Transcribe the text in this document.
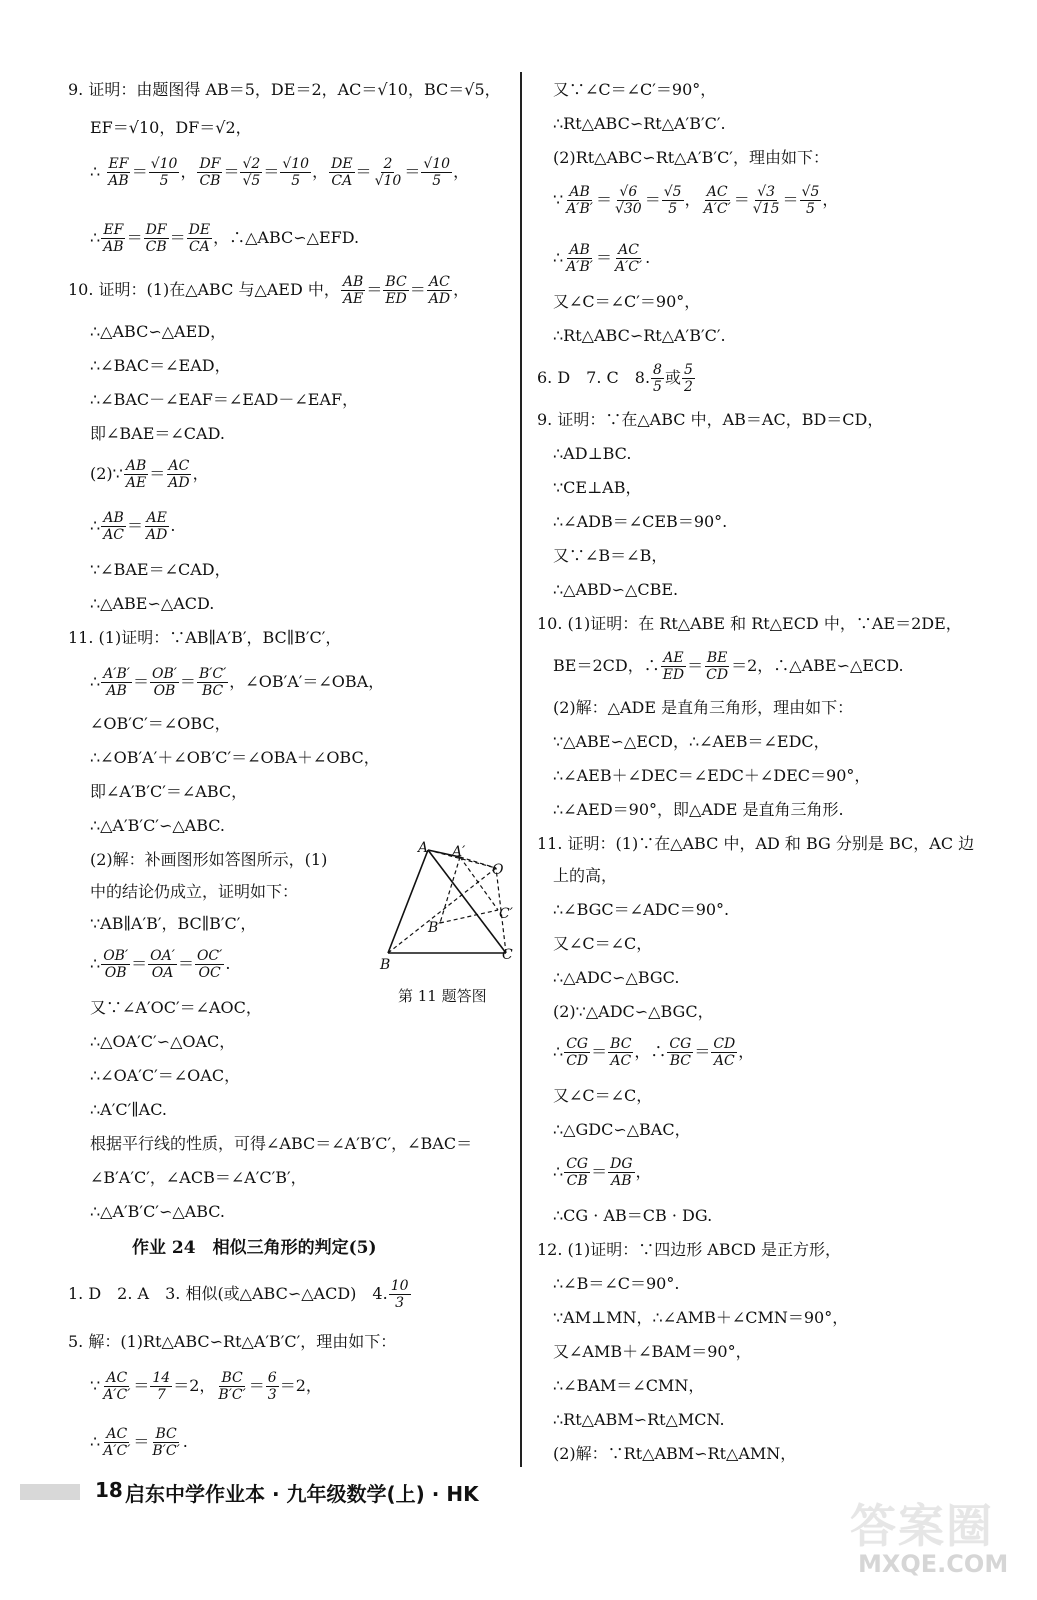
9. 证明：由题图得 AB＝5，DE＝2，AC＝√10，BC＝√5，
EF＝√10，DF＝√2，
∴ $\frac{EF}{AB} = \frac{√10}{5}$ ， $\frac{DF}{CB} = \frac{√2}{√5} = \frac{√10}{5}$ ， $\frac{DE}{CA} = \frac{2}{√10} = \frac{√10}{5}$ ，
∴ $\frac{EF}{AB} = \frac{DF}{CB} = \frac{DE}{CA}$ ，∴△ABC∽△EFD.
10. 证明：(1)在△ABC 与△AED 中， $\frac{AB}{AE} = \frac{BC}{ED} = \frac{AC}{AD}$ ，
∴△ABC∽△AED，
∴∠BAC＝∠EAD，
∴∠BAC－∠EAF＝∠EAD－∠EAF，
即∠BAE＝∠CAD.
(2)∵ $\frac{AB}{AE} = \frac{AC}{AD}$ ，
∴ $\frac{AB}{AC} = \frac{AE}{AD}$ .
∵∠BAE＝∠CAD，
∴△ABE∽△ACD.
11. (1)证明：∵AB∥A′B′，BC∥B′C′，
∴ $\frac{A'B'}{AB} = \frac{OB'}{OB} = \frac{B'C'}{BC}$ ，∠OB′A′＝∠OBA，
∠OB′C′＝∠OBC，
∴∠OB′A′＋∠OB′C′＝∠OBA＋∠OBC，
即∠A′B′C′＝∠ABC，
∴△A′B′C′∽△ABC.
(2)解：补画图形如答图所示，(1)
中的结论仍成立，证明如下：
∵AB∥A′B′，BC∥B′C′，
∴ $\frac{OB'}{OB} = \frac{OA'}{OA} = \frac{OC'}{OC}$ .
又∵∠A′OC′＝∠AOC，
∴△OA′C′∽△OAC，
∴∠OA′C′＝∠OAC，
∴A′C′∥AC.
根据平行线的性质，可得∠ABC＝∠A′B′C′，∠BAC＝
∠B′A′C′，∠ACB＝∠A′C′B′，
∴△A′B′C′∽△ABC.
作业 24　相似三角形的判定(5)
1. D　2. A　3. 相似(或△ABC∽△ACD)　4. $\frac{10}{3}$
5. 解：(1)Rt△ABC∽Rt△A′B′C′，理由如下：
∵ $\frac{AC}{A'C'} = \frac{14}{7} =2$， $\frac{BC}{B'C'} = \frac{6}{3} =2$，
∴ $\frac{AC}{A'C'} = \frac{BC}{B'C'}$ .
A A′
O
B′
C′
B
C
第 11 题答图
又∵∠C＝∠C′＝90°，
∴Rt△ABC∽Rt△A′B′C′.
(2)Rt△ABC∽Rt△A′B′C′，理由如下：
∵ $\frac{AB}{A'B'} = \frac{√6}{√30} = \frac{√5}{5}$ ， $\frac{AC}{A'C'} = \frac{√3}{√15} = \frac{√5}{5}$ ，
∴ $\frac{AB}{A'B'} = \frac{AC}{A'C'}$ .
又∠C＝∠C′＝90°，
∴Rt△ABC∽Rt△A′B′C′.
6. D　7. C　8. $\frac{8}{5}$ 或 $\frac{5}{2}$
9. 证明：∵在△ABC 中，AB＝AC，BD＝CD，
∴AD⊥BC.
∵CE⊥AB，
∴∠ADB＝∠CEB＝90°.
又∵∠B＝∠B，
∴△ABD∽△CBE.
10. (1)证明：在 Rt△ABE 和 Rt△ECD 中，∵AE＝2DE，
BE＝2CD，∴ $\frac{AE}{ED} = \frac{BE}{CD} =2$，∴△ABE∽△ECD.
(2)解：△ADE 是直角三角形，理由如下：
∵△ABE∽△ECD，∴∠AEB＝∠EDC，
∴∠AEB＋∠DEC＝∠EDC＋∠DEC＝90°，
∴∠AED＝90°，即△ADE 是直角三角形.
11. 证明：(1)∵在△ABC 中，AD 和 BG 分别是 BC，AC 边
上的高，
∴∠BGC＝∠ADC＝90°.
又∠C＝∠C，
∴△ADC∽△BGC.
(2)∵△ADC∽△BGC，
∴ $\frac{CG}{CD} = \frac{BC}{AC}$ ，∴ $\frac{CG}{BC} = \frac{CD}{AC}$ ，
又∠C＝∠C，
∴△GDC∽△BAC，
∴ $\frac{CG}{CB} = \frac{DG}{AB}$ ，
∴CG · AB＝CB · DG.
12. (1)证明：∵四边形 ABCD 是正方形，
∴∠B＝∠C＝90°.
∵AM⊥MN，∴∠AMB＋∠CMN＝90°，
又∠AMB＋∠BAM＝90°，
∴∠BAM＝∠CMN，
∴Rt△ABM∽Rt△MCN.
(2)解：∵Rt△ABM∽Rt△AMN，
18 启东中学作业本 · 九年级数学(上) · HK
答案圈
MXQE.COM
